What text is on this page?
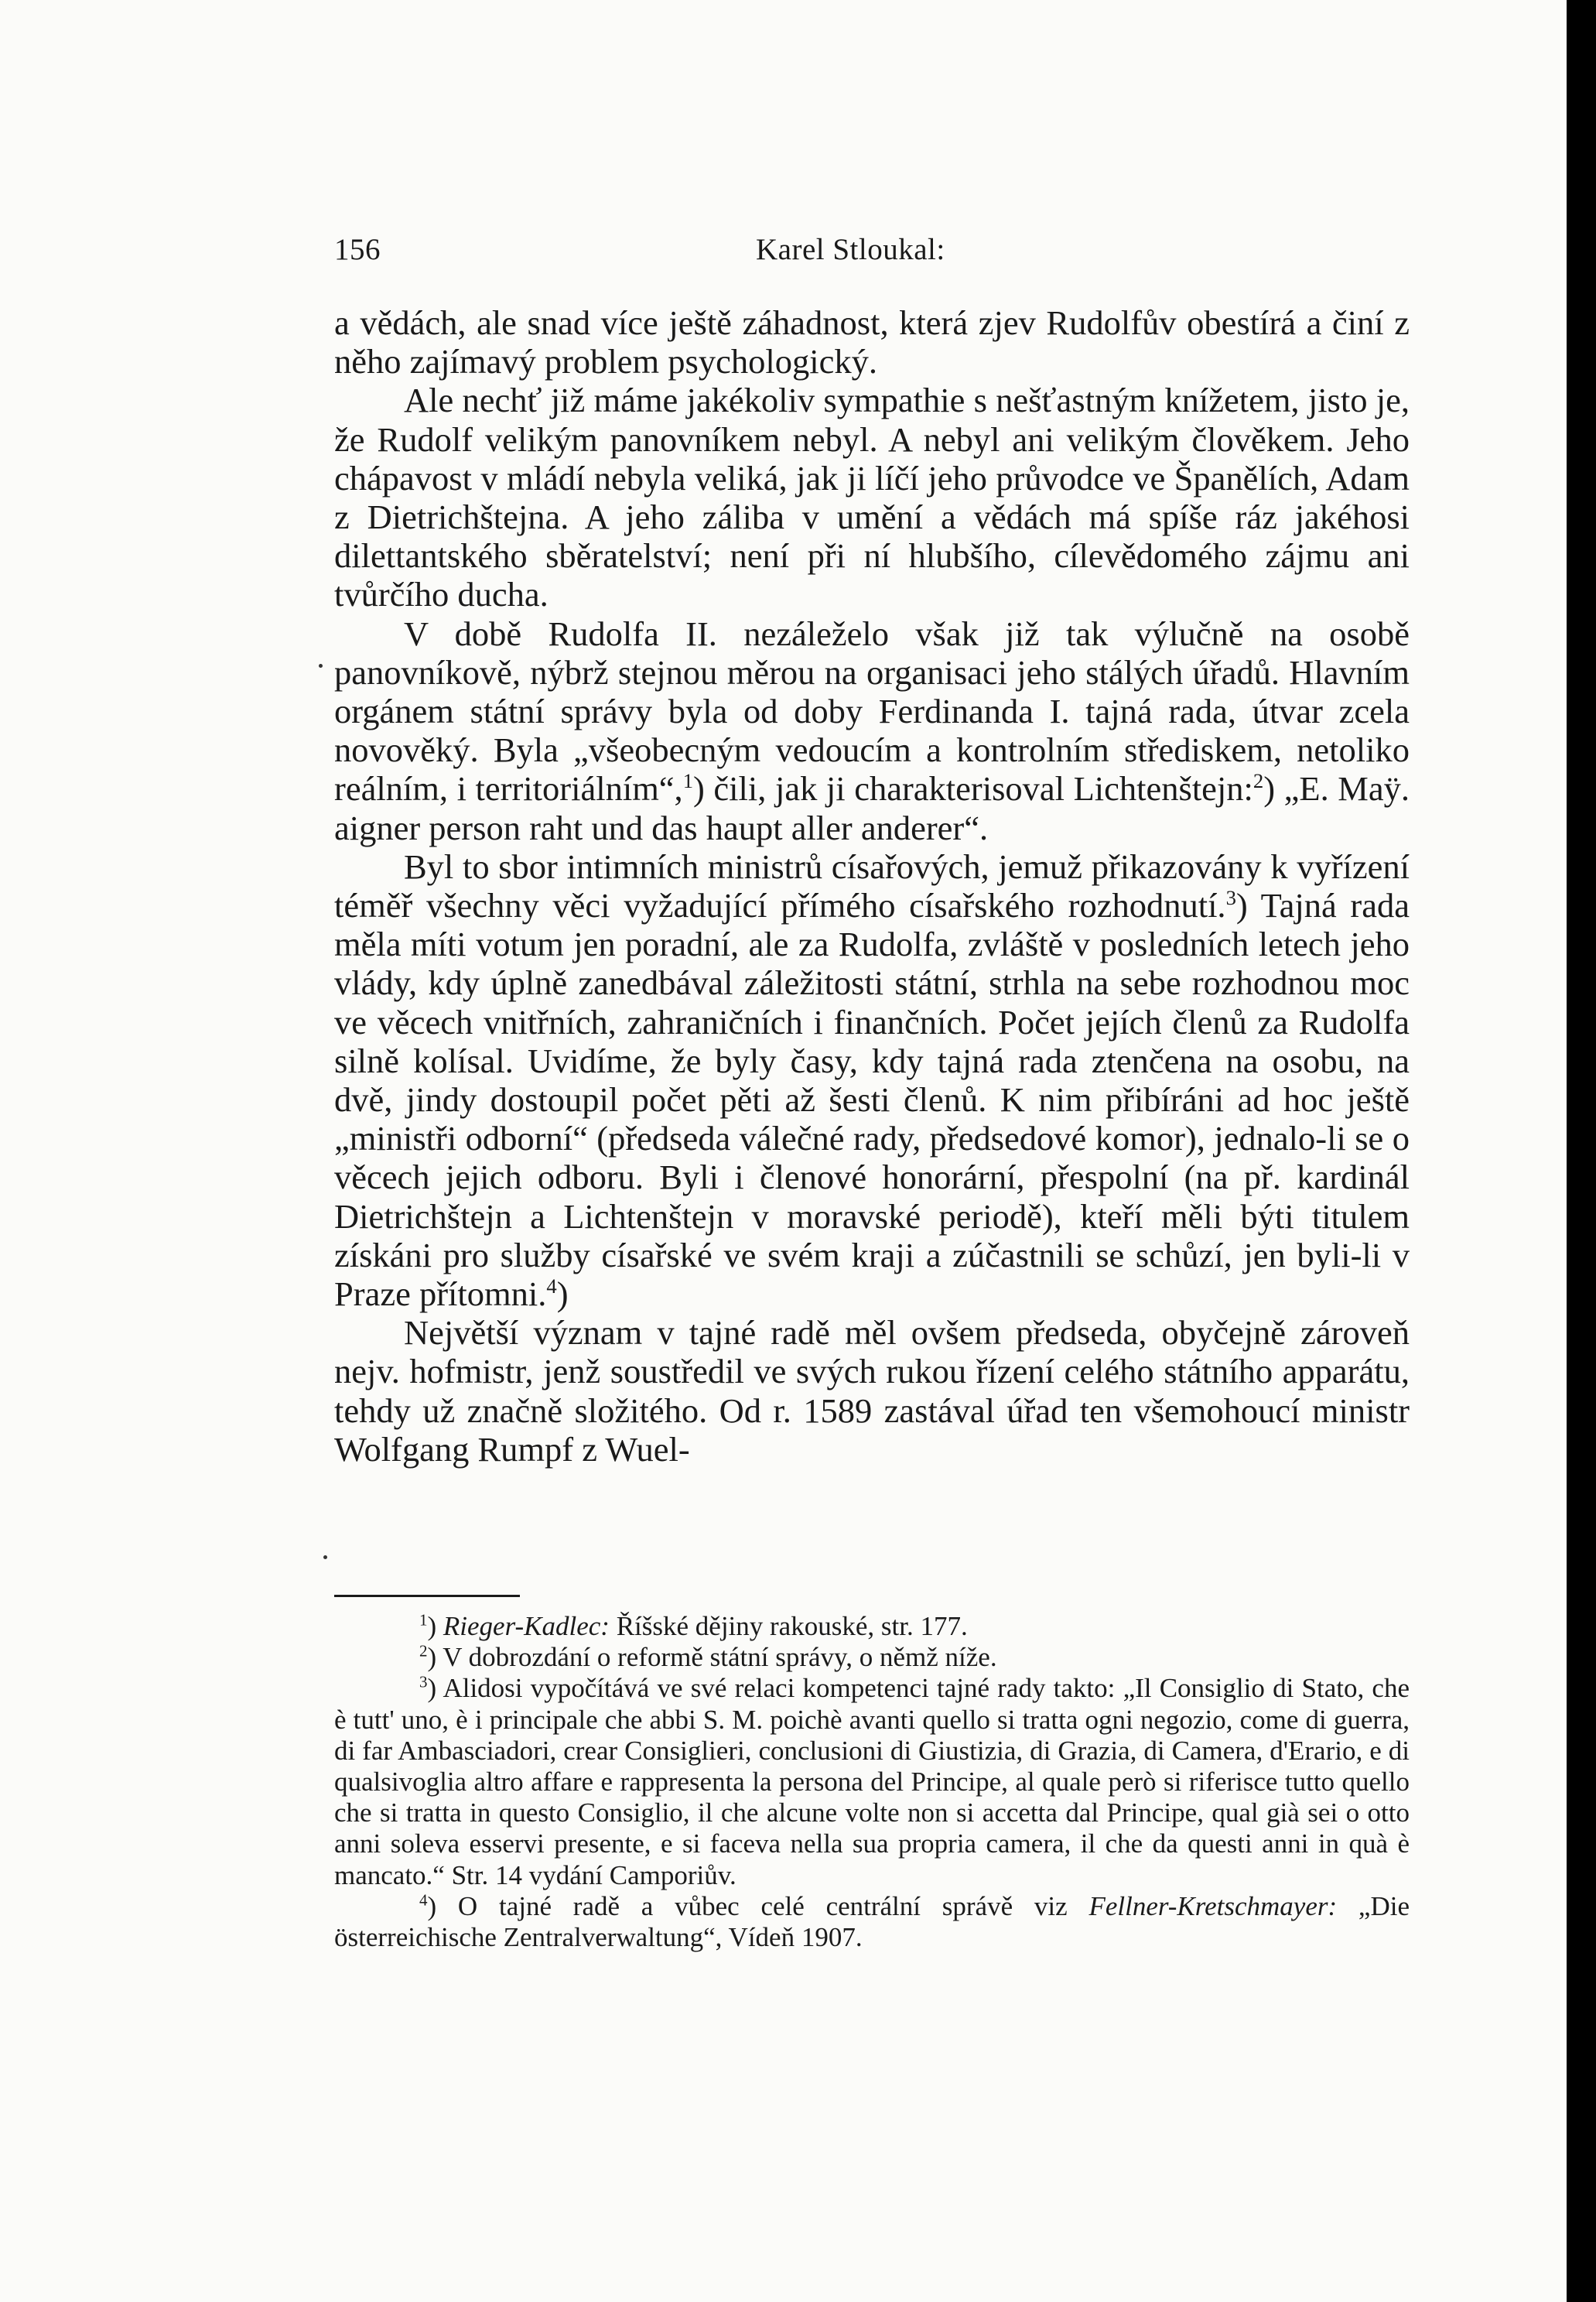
156	Karel Stloukal:

a vědách, ale snad více ještě záhadnost, která zjev Rudolfův obestírá a činí z něho zajímavý problem psychologický.

Ale nechť již máme jakékoliv sympathie s nešťastným knížetem, jisto je, že Rudolf velikým panovníkem nebyl. A nebyl ani velikým člověkem. Jeho chápavost v mládí nebyla veliká, jak ji líčí jeho průvodce ve Španělích, Adam z Dietrichštejna. A jeho záliba v umění a vědách má spíše ráz jakéhosi dilettantského sběratelství; není při ní hlubšího, cílevědomého zájmu ani tvůrčího ducha.

V době Rudolfa II. nezáleželo však již tak výlučně na osobě panovníkově, nýbrž stejnou měrou na organisaci jeho stálých úřadů. Hlavním orgánem státní správy byla od doby Ferdinanda I. tajná rada, útvar zcela novověký. Byla „všeobecným vedoucím a kontrolním střediskem, netoliko reálním, i territoriálním“,$^1$) čili, jak ji charakterisoval Lichtenštejn:$^2$) „E. Maÿ. aigner person raht und das haupt aller anderer“.

Byl to sbor intimních ministrů císařových, jemuž přikazovány k vyřízení téměř všechny věci vyžadující přímého císařského rozhodnutí.$^3$) Tajná rada měla míti votum jen poradní, ale za Rudolfa, zvláště v posledních letech jeho vlády, kdy úplně zanedbával záležitosti státní, strhla na sebe rozhodnou moc ve věcech vnitřních, zahraničních i finančních. Počet jejích členů za Rudolfa silně kolísal. Uvidíme, že byly časy, kdy tajná rada ztenčena na osobu, na dvě, jindy dostoupil počet pěti až šesti členů. K nim přibíráni ad hoc ještě „ministři odborní“ (předseda válečné rady, předsedové komor), jednalo-li se o věcech jejich odboru. Byli i členové honorární, přespolní (na př. kardinál Dietrichštejn a Lichtenštejn v moravské periodě), kteří měli býti titulem získáni pro služby císařské ve svém kraji a zúčastnili se schůzí, jen byli-li v Praze přítomni.$^4$)

Největší význam v tajné radě měl ovšem předseda, obyčejně zároveň nejv. hofmistr, jenž soustředil ve svých rukou řízení celého státního apparátu, tehdy už značně složitého. Od r. 1589 zastával úřad ten všemohoucí ministr Wolfgang Rumpf z Wuel-

$^1$) Rieger-Kadlec: Říšské dějiny rakouské, str. 177.

$^2$) V dobrozdání o reformě státní správy, o němž níže.

$^3$) Alidosi vypočítává ve své relaci kompetenci tajné rady takto: „Il Consiglio di Stato, che è tutt' uno, è i principale che abbi S. M. poichè avanti quello si tratta ogni negozio, come di guerra, di far Ambasciadori, crear Consiglieri, conclusioni di Giustizia, di Grazia, di Camera, d'Erario, e di qualsivoglia altro affare e rappresenta la persona del Principe, al quale però si riferisce tutto quello che si tratta in questo Consiglio, il che alcune volte non si accetta dal Principe, qual già sei o otto anni soleva esservi presente, e si faceva nella sua propria camera, il che da questi anni in quà è mancato.“ Str. 14 vydání Camporiův.

$^4$) O tajné radě a vůbec celé centrální správě viz Fellner-Kretschmayer: „Die österreichische Zentralverwaltung“, Vídeň 1907.
